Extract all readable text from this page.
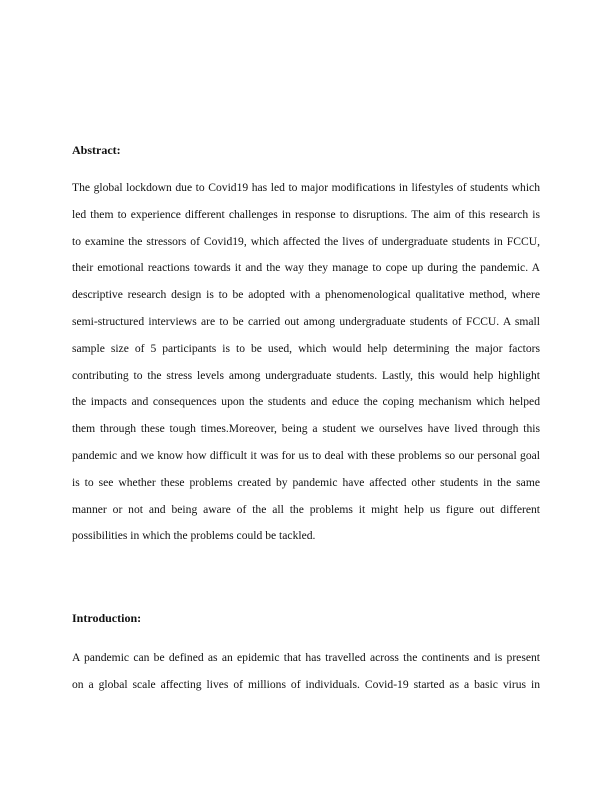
Abstract:
The global lockdown due to Covid19 has led to major modifications in lifestyles of students which
led them to experience different challenges in response to disruptions. The aim of this research is
to examine the stressors of Covid19, which affected the lives of undergraduate students in FCCU,
their emotional reactions towards it and the way they manage to cope up during the pandemic. A
descriptive research design is to be adopted with a phenomenological qualitative method, where
semi-structured interviews are to be carried out among undergraduate students of FCCU. A small
sample size of 5 participants is to be used, which would help determining the major factors
contributing to the stress levels among undergraduate students. Lastly, this would help highlight
the impacts and consequences upon the students and educe the coping mechanism which helped
them through these tough times.Moreover, being a student we ourselves have lived through this
pandemic and we know how difficult it was for us to deal with these problems so our personal goal
is to see whether these problems created by pandemic have affected other students in the same
manner or not and being aware of the all the problems it might help us figure out different
possibilities in which the problems could be tackled.
Introduction:
A pandemic can be defined as an epidemic that has travelled across the continents and is present
on a global scale affecting lives of millions of individuals. Covid-19 started as a basic virus in
